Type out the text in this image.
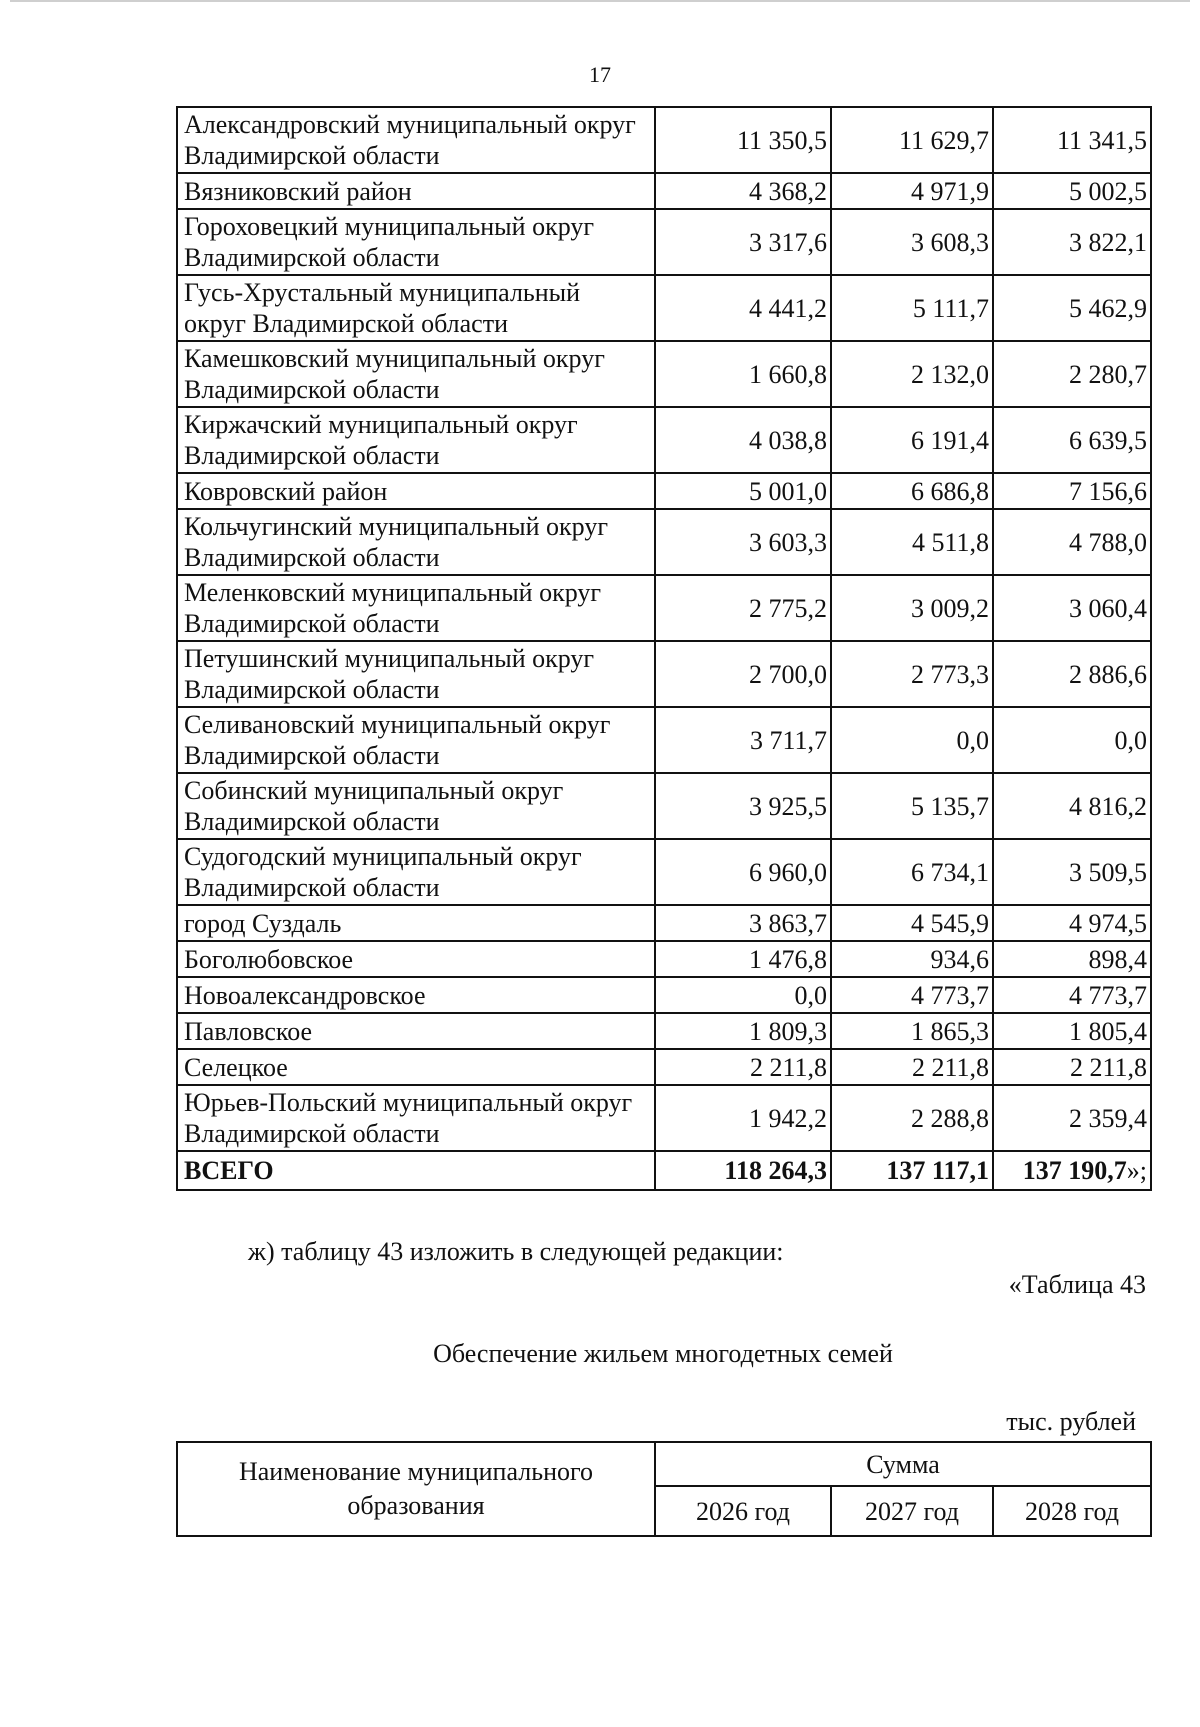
17
Александровский муниципальный округ Владимирской области	11 350,5	11 629,7	11 341,5
Вязниковский район	4 368,2	4 971,9	5 002,5
Гороховецкий муниципальный округ Владимирской области	3 317,6	3 608,3	3 822,1
Гусь-Хрустальный муниципальный округ Владимирской области	4 441,2	5 111,7	5 462,9
Камешковский муниципальный округ Владимирской области	1 660,8	2 132,0	2 280,7
Киржачский муниципальный округ Владимирской области	4 038,8	6 191,4	6 639,5
Ковровский район	5 001,0	6 686,8	7 156,6
Кольчугинский муниципальный округ Владимирской области	3 603,3	4 511,8	4 788,0
Меленковский муниципальный округ Владимирской области	2 775,2	3 009,2	3 060,4
Петушинский муниципальный округ Владимирской области	2 700,0	2 773,3	2 886,6
Селивановский муниципальный округ Владимирской области	3 711,7	0,0	0,0
Собинский муниципальный округ Владимирской области	3 925,5	5 135,7	4 816,2
Судогодский муниципальный округ Владимирской области	6 960,0	6 734,1	3 509,5
город Суздаль	3 863,7	4 545,9	4 974,5
Боголюбовское	1 476,8	934,6	898,4
Новоалександровское	0,0	4 773,7	4 773,7
Павловское	1 809,3	1 865,3	1 805,4
Селецкое	2 211,8	2 211,8	2 211,8
Юрьев-Польский муниципальный округ Владимирской области	1 942,2	2 288,8	2 359,4
ВСЕГО	118 264,3	137 117,1	137 190,7»;
ж) таблицу 43 изложить в следующей редакции:
«Таблица 43
Обеспечение жильем многодетных семей
тыс. рублей
Наименование муниципального образования	Сумма		
	2026 год	2027 год	2028 год
